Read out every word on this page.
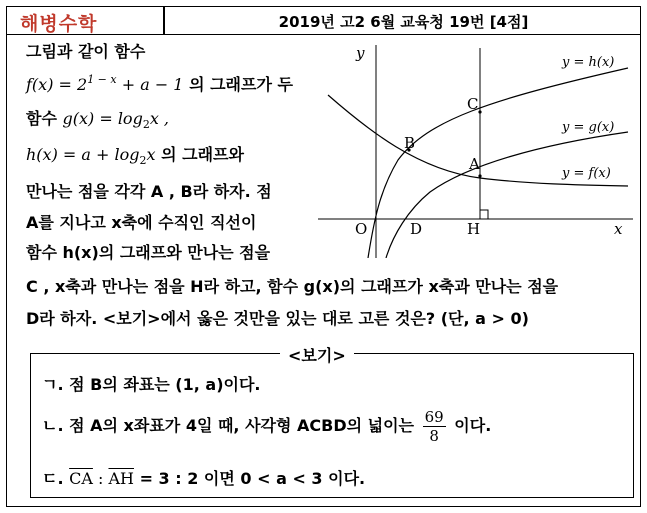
해병수학	2019년 고2 6월 교육청 19번 [4점]
그림과 같이 함수
$f(x) = 2^{1 - x} + a - 1$ 의 그래프가 두
함수 $g(x) = \log_2x$ ,
$h(x) = a + \log_2x$ 의 그래프와
만나는 점을 각각 A , B라 하자. 점
A를 지나고 x축에 수직인 직선이
함수 h(x)의 그래프와 만나는 점을
C , x축과 만나는 점을 H라 하고, 함수 g(x)의 그래프가 x축과 만나는 점을
D라 하자. <보기>에서 옳은 것만을 있는 대로 고른 것은? (단, a > 0)
y
x
O	D	H
A
B
C
y = h(x)
y = g(x)
y = f(x)
<보기>
ㄱ. 점 B의 좌표는 (1, a)이다.
ㄴ. 점 A의 x좌표가 4일 때, 사각형 ACBD의 넓이는 $\frac{69}{8}$ 이다.
ㄷ. $\overline{CA}$ : $\overline{AH} = 3$ : 2 이면 0 < a < 3 이다.
